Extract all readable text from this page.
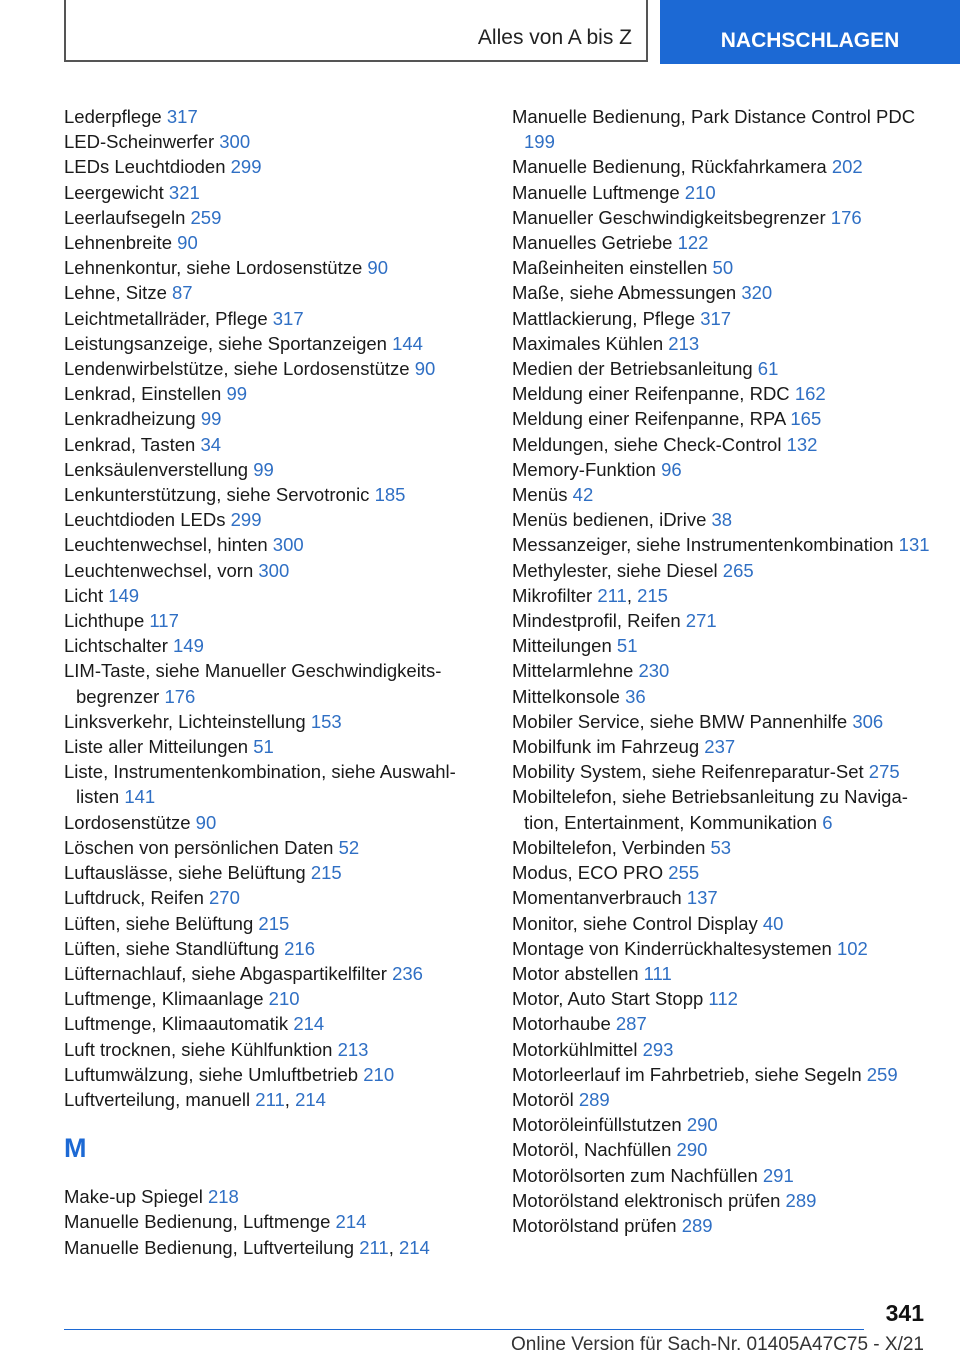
Alles von A bis Z	NACHSCHLAGEN
Lederpflege 317
LED-Scheinwerfer 300
LEDs Leuchtdioden 299
Leergewicht 321
Leerlaufsegeln 259
Lehnenbreite 90
Lehnenkontur, siehe Lordosenstütze 90
Lehne, Sitze 87
Leichtmetallräder, Pflege 317
Leistungsanzeige, siehe Sportanzeigen 144
Lendenwirbelstütze, siehe Lordosenstütze 90
Lenkrad, Einstellen 99
Lenkradheizung 99
Lenkrad, Tasten 34
Lenksäulenverstellung 99
Lenkunterstützung, siehe Servotronic 185
Leuchtdioden LEDs 299
Leuchtenwechsel, hinten 300
Leuchtenwechsel, vorn 300
Licht 149
Lichthupe 117
Lichtschalter 149
LIM-Taste, siehe Manueller Geschwindigkeitsbegrenzer 176
Linksverkehr, Lichteinstellung 153
Liste aller Mitteilungen 51
Liste, Instrumentenkombination, siehe Auswahllisten 141
Lordosenstütze 90
Löschen von persönlichen Daten 52
Luftauslässe, siehe Belüftung 215
Luftdruck, Reifen 270
Lüften, siehe Belüftung 215
Lüften, siehe Standlüftung 216
Lüfternachlauf, siehe Abgaspartikelfilter 236
Luftmenge, Klimaanlage 210
Luftmenge, Klimaautomatik 214
Luft trocknen, siehe Kühlfunktion 213
Luftumwälzung, siehe Umluftbetrieb 210
Luftverteilung, manuell 211, 214
M
Make-up Spiegel 218
Manuelle Bedienung, Luftmenge 214
Manuelle Bedienung, Luftverteilung 211, 214
Manuelle Bedienung, Park Distance Control PDC 199
Manuelle Bedienung, Rückfahrkamera 202
Manuelle Luftmenge 210
Manueller Geschwindigkeitsbegrenzer 176
Manuelles Getriebe 122
Maßeinheiten einstellen 50
Maße, siehe Abmessungen 320
Mattlackierung, Pflege 317
Maximales Kühlen 213
Medien der Betriebsanleitung 61
Meldung einer Reifenpanne, RDC 162
Meldung einer Reifenpanne, RPA 165
Meldungen, siehe Check-Control 132
Memory-Funktion 96
Menüs 42
Menüs bedienen, iDrive 38
Messanzeiger, siehe Instrumentenkombination 131
Methylester, siehe Diesel 265
Mikrofilter 211, 215
Mindestprofil, Reifen 271
Mitteilungen 51
Mittelarmlehne 230
Mittelkonsole 36
Mobiler Service, siehe BMW Pannenhilfe 306
Mobilfunk im Fahrzeug 237
Mobility System, siehe Reifenreparatur-Set 275
Mobiltelefon, siehe Betriebsanleitung zu Navigation, Entertainment, Kommunikation 6
Mobiltelefon, Verbinden 53
Modus, ECO PRO 255
Momentanverbrauch 137
Monitor, siehe Control Display 40
Montage von Kinderrückhaltesystemen 102
Motor abstellen 111
Motor, Auto Start Stopp 112
Motorhaube 287
Motorkühlmittel 293
Motorleerlauf im Fahrbetrieb, siehe Segeln 259
Motoröl 289
Motoröleinfüllstutzen 290
Motoröl, Nachfüllen 290
Motorölsorten zum Nachfüllen 291
Motorölstand elektronisch prüfen 289
Motorölstand prüfen 289
341
Online Version für Sach-Nr. 01405A47C75 - X/21
